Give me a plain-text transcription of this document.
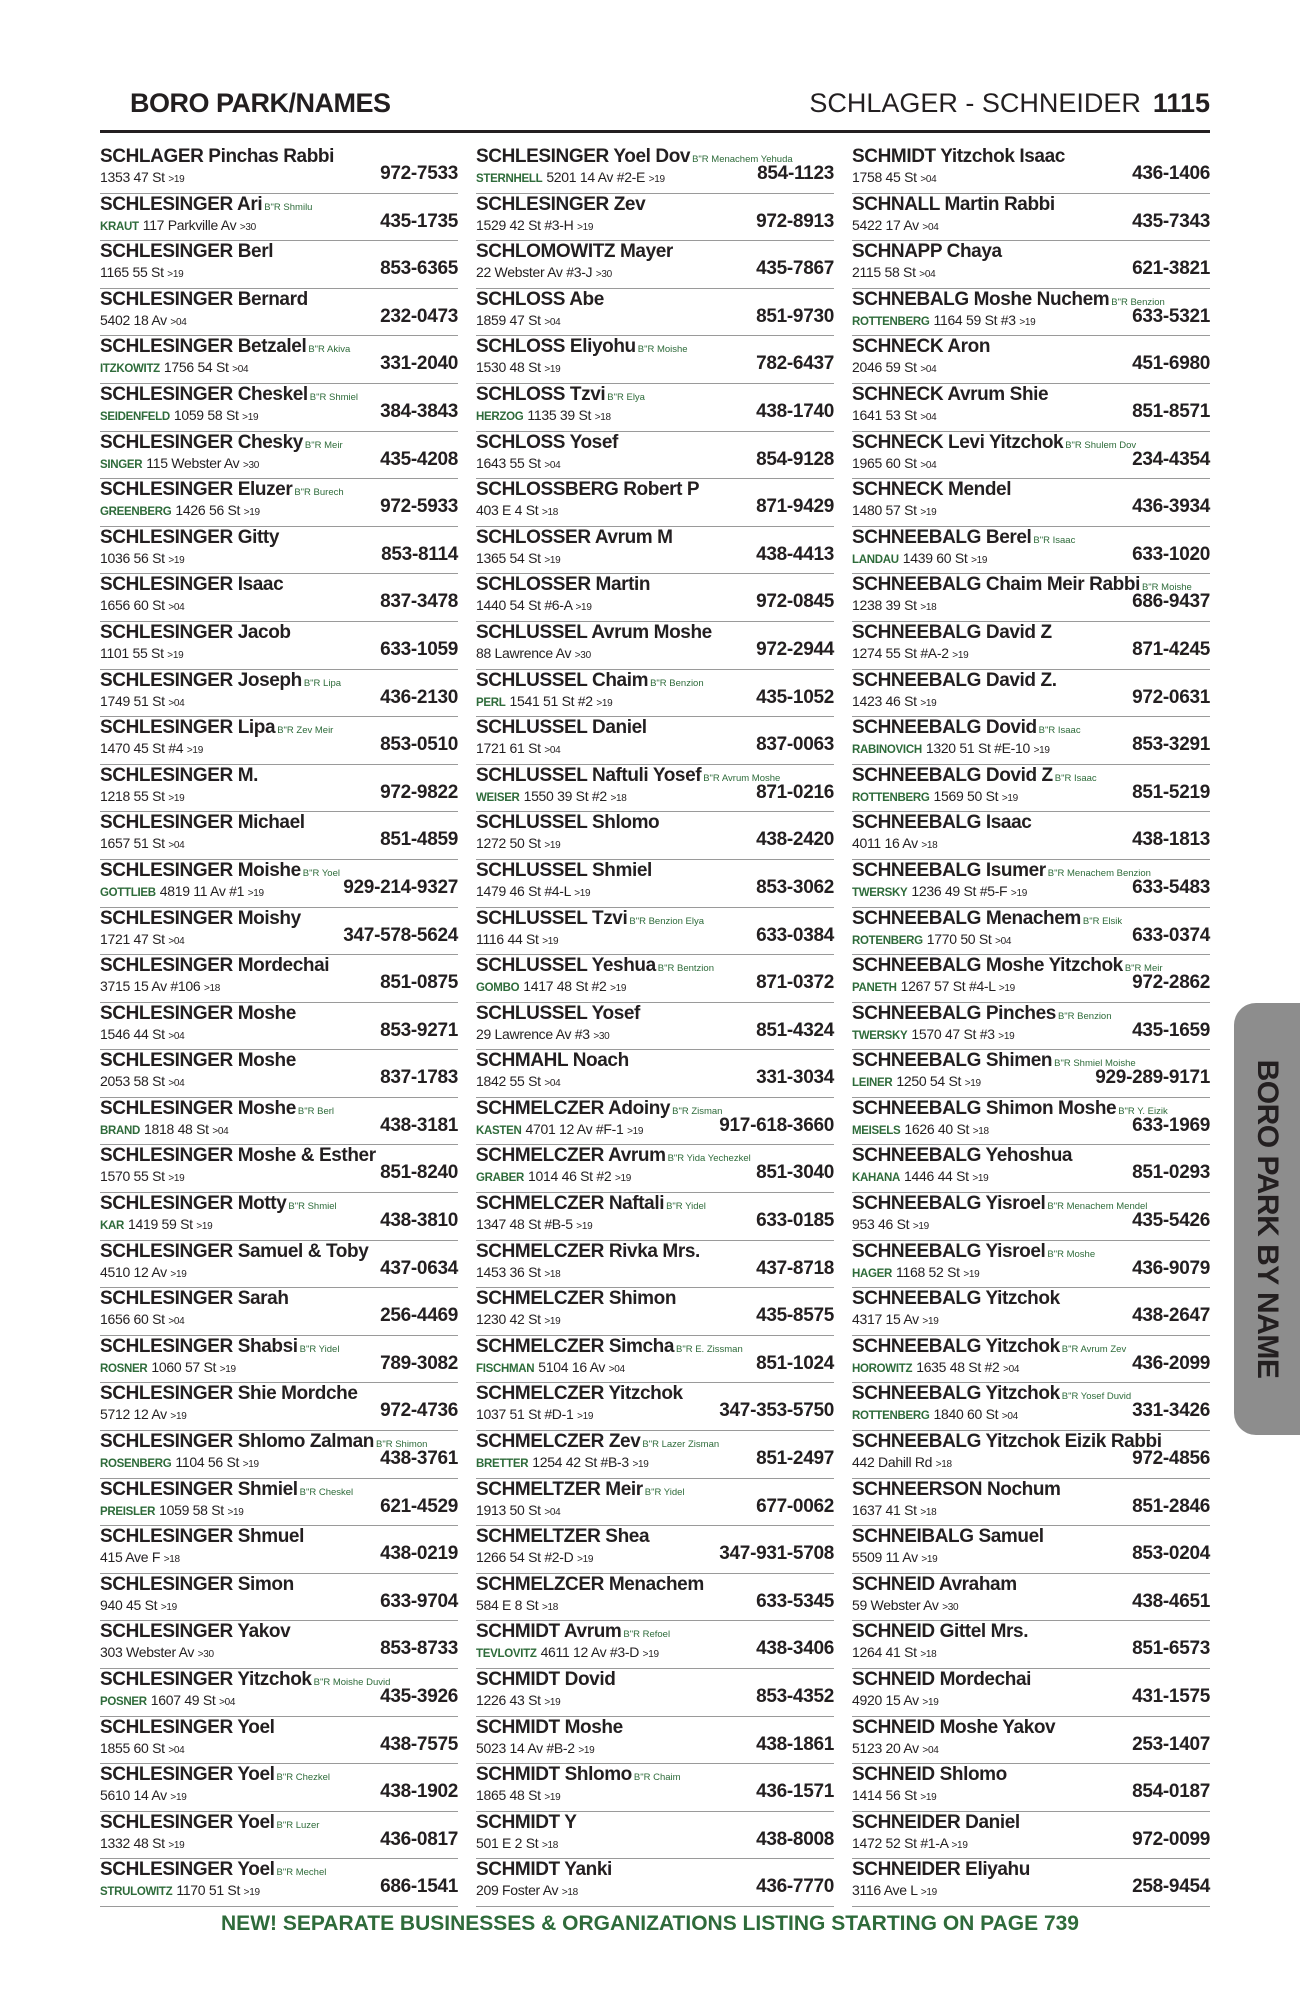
BORO PARK/NAMES	SCHLAGER - SCHNEIDER 1115
SCHLAGER Pinchas Rabbi
1353 47 St >19	972-7533
SCHLESINGER Ari B"R Shmilu
KRAUT 117 Parkville Av >30	435-1735
SCHLESINGER Berl
1165 55 St >19	853-6365
SCHLESINGER Bernard
5402 18 Av >04	232-0473
SCHLESINGER Betzalel B"R Akiva
ITZKOWITZ 1756 54 St >04	331-2040
SCHLESINGER Cheskel B"R Shmiel
SEIDENFELD 1059 58 St >19	384-3843
SCHLESINGER Chesky B"R Meir
SINGER 115 Webster Av >30	435-4208
SCHLESINGER Eluzer B"R Burech
GREENBERG 1426 56 St >19	972-5933
SCHLESINGER Gitty
1036 56 St >19	853-8114
SCHLESINGER Isaac
1656 60 St >04	837-3478
SCHLESINGER Jacob
1101 55 St >19	633-1059
SCHLESINGER Joseph B"R Lipa
1749 51 St >04	436-2130
SCHLESINGER Lipa B"R Zev Meir
1470 45 St #4 >19	853-0510
SCHLESINGER M.
1218 55 St >19	972-9822
SCHLESINGER Michael
1657 51 St >04	851-4859
SCHLESINGER Moishe B"R Yoel
GOTTLIEB 4819 11 Av #1 >19	929-214-9327
SCHLESINGER Moishy
1721 47 St >04	347-578-5624
SCHLESINGER Mordechai
3715 15 Av #106 >18	851-0875
SCHLESINGER Moshe
1546 44 St >04	853-9271
SCHLESINGER Moshe
2053 58 St >04	837-1783
SCHLESINGER Moshe B"R Berl
BRAND 1818 48 St >04	438-3181
SCHLESINGER Moshe & Esther
1570 55 St >19	851-8240
SCHLESINGER Motty B"R Shmiel
KAR 1419 59 St >19	438-3810
SCHLESINGER Samuel & Toby
4510 12 Av >19	437-0634
SCHLESINGER Sarah
1656 60 St >04	256-4469
SCHLESINGER Shabsi B"R Yidel
ROSNER 1060 57 St >19	789-3082
SCHLESINGER Shie Mordche
5712 12 Av >19	972-4736
SCHLESINGER Shlomo Zalman B"R Shimon
ROSENBERG 1104 56 St >19	438-3761
SCHLESINGER Shmiel B"R Cheskel
PREISLER 1059 58 St >19	621-4529
SCHLESINGER Shmuel
415 Ave F >18	438-0219
SCHLESINGER Simon
940 45 St >19	633-9704
SCHLESINGER Yakov
303 Webster Av >30	853-8733
SCHLESINGER Yitzchok B"R Moishe Duvid
POSNER 1607 49 St >04	435-3926
SCHLESINGER Yoel
1855 60 St >04	438-7575
SCHLESINGER Yoel B"R Chezkel
5610 14 Av >19	438-1902
SCHLESINGER Yoel B"R Luzer
1332 48 St >19	436-0817
SCHLESINGER Yoel B"R Mechel
STRULOWITZ 1170 51 St >19	686-1541
SCHLESINGER Yoel Dov B"R Menachem Yehuda
STERNHELL 5201 14 Av #2-E >19	854-1123
SCHLESINGER Zev
1529 42 St #3-H >19	972-8913
SCHLOMOWITZ Mayer
22 Webster Av #3-J >30	435-7867
SCHLOSS Abe
1859 47 St >04	851-9730
SCHLOSS Eliyohu B"R Moishe
1530 48 St >19	782-6437
SCHLOSS Tzvi B"R Elya
HERZOG 1135 39 St >18	438-1740
SCHLOSS Yosef
1643 55 St >04	854-9128
SCHLOSSBERG Robert P
403 E 4 St >18	871-9429
SCHLOSSER Avrum M
1365 54 St >19	438-4413
SCHLOSSER Martin
1440 54 St #6-A >19	972-0845
SCHLUSSEL Avrum Moshe
88 Lawrence Av >30	972-2944
SCHLUSSEL Chaim B"R Benzion
PERL 1541 51 St #2 >19	435-1052
SCHLUSSEL Daniel
1721 61 St >04	837-0063
SCHLUSSEL Naftuli Yosef B"R Avrum Moshe
WEISER 1550 39 St #2 >18	871-0216
SCHLUSSEL Shlomo
1272 50 St >19	438-2420
SCHLUSSEL Shmiel
1479 46 St #4-L >19	853-3062
SCHLUSSEL Tzvi B"R Benzion Elya
1116 44 St >19	633-0384
SCHLUSSEL Yeshua B"R Bentzion
GOMBO 1417 48 St #2 >19	871-0372
SCHLUSSEL Yosef
29 Lawrence Av #3 >30	851-4324
SCHMAHL Noach
1842 55 St >04	331-3034
SCHMELCZER Adoiny B"R Zisman
KASTEN 4701 12 Av #F-1 >19	917-618-3660
SCHMELCZER Avrum B"R Yida Yechezkel
GRABER 1014 46 St #2 >19	851-3040
SCHMELCZER Naftali B"R Yidel
1347 48 St #B-5 >19	633-0185
SCHMELCZER Rivka Mrs.
1453 36 St >18	437-8718
SCHMELCZER Shimon
1230 42 St >19	435-8575
SCHMELCZER Simcha B"R E. Zissman
FISCHMAN 5104 16 Av >04	851-1024
SCHMELCZER Yitzchok
1037 51 St #D-1 >19	347-353-5750
SCHMELCZER Zev B"R Lazer Zisman
BRETTER 1254 42 St #B-3 >19	851-2497
SCHMELTZER Meir B"R Yidel
1913 50 St >04	677-0062
SCHMELTZER Shea
1266 54 St #2-D >19	347-931-5708
SCHMELZCER Menachem
584 E 8 St >18	633-5345
SCHMIDT Avrum B"R Refoel
TEVLOVITZ 4611 12 Av #3-D >19	438-3406
SCHMIDT Dovid
1226 43 St >19	853-4352
SCHMIDT Moshe
5023 14 Av #B-2 >19	438-1861
SCHMIDT Shlomo B"R Chaim
1865 48 St >19	436-1571
SCHMIDT Y
501 E 2 St >18	438-8008
SCHMIDT Yanki
209 Foster Av >18	436-7770
SCHMIDT Yitzchok Isaac
1758 45 St >04	436-1406
SCHNALL Martin Rabbi
5422 17 Av >04	435-7343
SCHNAPP Chaya
2115 58 St >04	621-3821
SCHNEBALG Moshe Nuchem B"R Benzion
ROTTENBERG 1164 59 St #3 >19	633-5321
SCHNECK Aron
2046 59 St >04	451-6980
SCHNECK Avrum Shie
1641 53 St >04	851-8571
SCHNECK Levi Yitzchok B"R Shulem Dov
1965 60 St >04	234-4354
SCHNECK Mendel
1480 57 St >19	436-3934
SCHNEEBALG Berel B"R Isaac
LANDAU 1439 60 St >19	633-1020
SCHNEEBALG Chaim Meir Rabbi B"R Moishe
1238 39 St >18	686-9437
SCHNEEBALG David Z
1274 55 St #A-2 >19	871-4245
SCHNEEBALG David Z.
1423 46 St >19	972-0631
SCHNEEBALG Dovid B"R Isaac
RABINOVICH 1320 51 St #E-10 >19	853-3291
SCHNEEBALG Dovid Z B"R Isaac
ROTTENBERG 1569 50 St >19	851-5219
SCHNEEBALG Isaac
4011 16 Av >18	438-1813
SCHNEEBALG Isumer B"R Menachem Benzion
TWERSKY 1236 49 St #5-F >19	633-5483
SCHNEEBALG Menachem B"R Elsik
ROTENBERG 1770 50 St >04	633-0374
SCHNEEBALG Moshe Yitzchok B"R Meir
PANETH 1267 57 St #4-L >19	972-2862
SCHNEEBALG Pinches B"R Benzion
TWERSKY 1570 47 St #3 >19	435-1659
SCHNEEBALG Shimen B"R Shmiel Moishe
LEINER 1250 54 St >19	929-289-9171
SCHNEEBALG Shimon Moshe B"R Y. Eizik
MEISELS 1626 40 St >18	633-1969
SCHNEEBALG Yehoshua
KAHANA 1446 44 St >19	851-0293
SCHNEEBALG Yisroel B"R Menachem Mendel
953 46 St >19	435-5426
SCHNEEBALG Yisroel B"R Moshe
HAGER 1168 52 St >19	436-9079
SCHNEEBALG Yitzchok
4317 15 Av >19	438-2647
SCHNEEBALG Yitzchok B"R Avrum Zev
HOROWITZ 1635 48 St #2 >04	436-2099
SCHNEEBALG Yitzchok B"R Yosef Duvid
ROTTENBERG 1840 60 St >04	331-3426
SCHNEEBALG Yitzchok Eizik Rabbi
442 Dahill Rd >18	972-4856
SCHNEERSON Nochum
1637 41 St >18	851-2846
SCHNEIBALG Samuel
5509 11 Av >19	853-0204
SCHNEID Avraham
59 Webster Av >30	438-4651
SCHNEID Gittel Mrs.
1264 41 St >18	851-6573
SCHNEID Mordechai
4920 15 Av >19	431-1575
SCHNEID Moshe Yakov
5123 20 Av >04	253-1407
SCHNEID Shlomo
1414 56 St >19	854-0187
SCHNEIDER Daniel
1472 52 St #1-A >19	972-0099
SCHNEIDER Eliyahu
3116 Ave L >19	258-9454
BORO PARK BY NAME
NEW! SEPARATE BUSINESSES & ORGANIZATIONS LISTING STARTING ON PAGE 739
